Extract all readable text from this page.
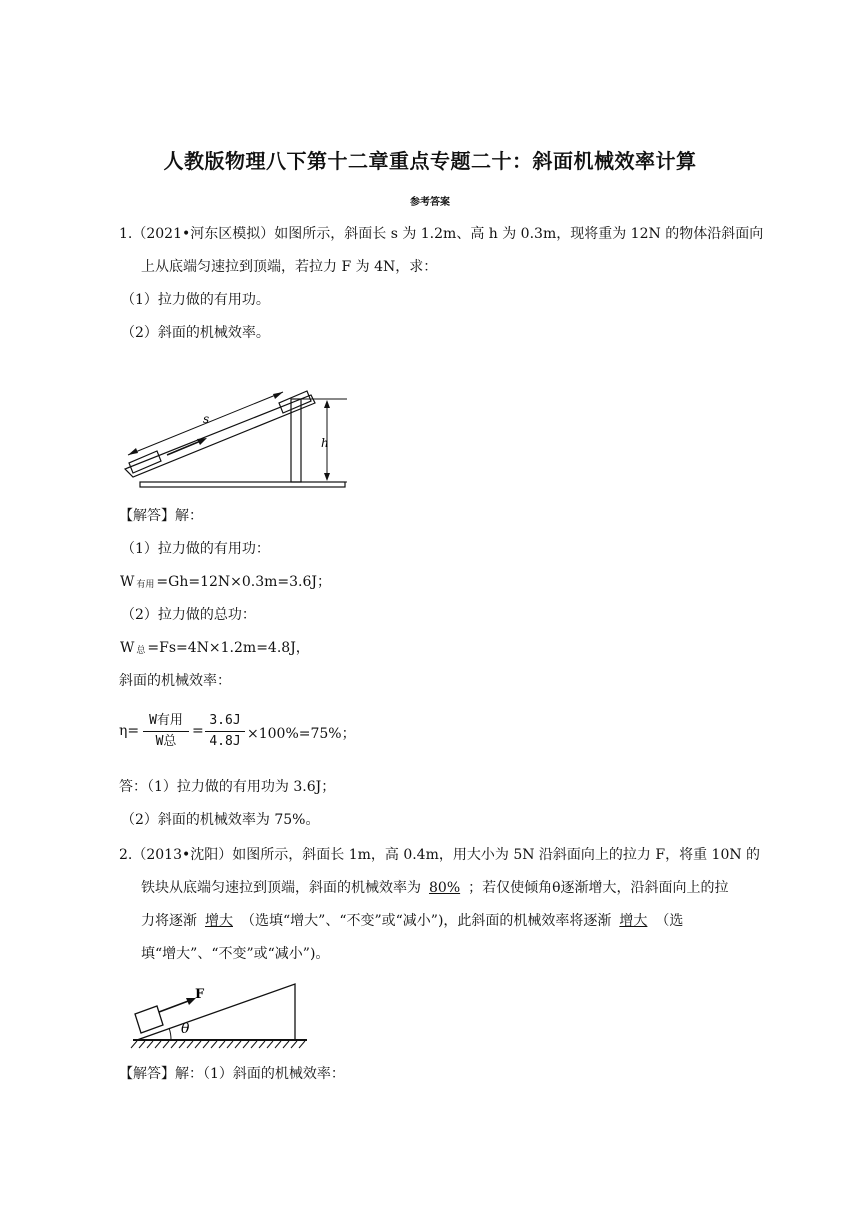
人教版物理八下第十二章重点专题二十：斜面机械效率计算
参考答案
1.（2021•河东区模拟）如图所示，斜面长 s 为 1.2m、高 h 为 0.3m，现将重为 12N 的物体沿斜面向
上从底端匀速拉到顶端，若拉力 F 为 4N，求：
（1）拉力做的有用功。
（2）斜面的机械效率。
s
h
【解答】解：
（1）拉力做的有用功：
W有用 =Gh=12N×0.3m=3.6J；
（2）拉力做的总功：
W总 =Fs=4N×1.2m=4.8J，
斜面的机械效率：
η=
W有用
W总
= $\frac{3.6J}{4.8J} \times 100\%=75\%$；
答：（1）拉力做的有用功为 3.6J；
（2）斜面的机械效率为 75%。
2.（2013•沈阳）如图所示，斜面长 1m，高 0.4m，用大小为 5N 沿斜面向上的拉力 F，将重 10N 的
铁块从底端匀速拉到顶端，斜面的机械效率为 80% ；若仅使倾角θ逐渐增大，沿斜面向上的拉
力将逐渐 增大 （选填“增大”、“不变”或“减小”)，此斜面的机械效率将逐渐 增大 （选
填“增大”、“不变”或“减小”)。
F
θ
【解答】解：（1）斜面的机械效率：
